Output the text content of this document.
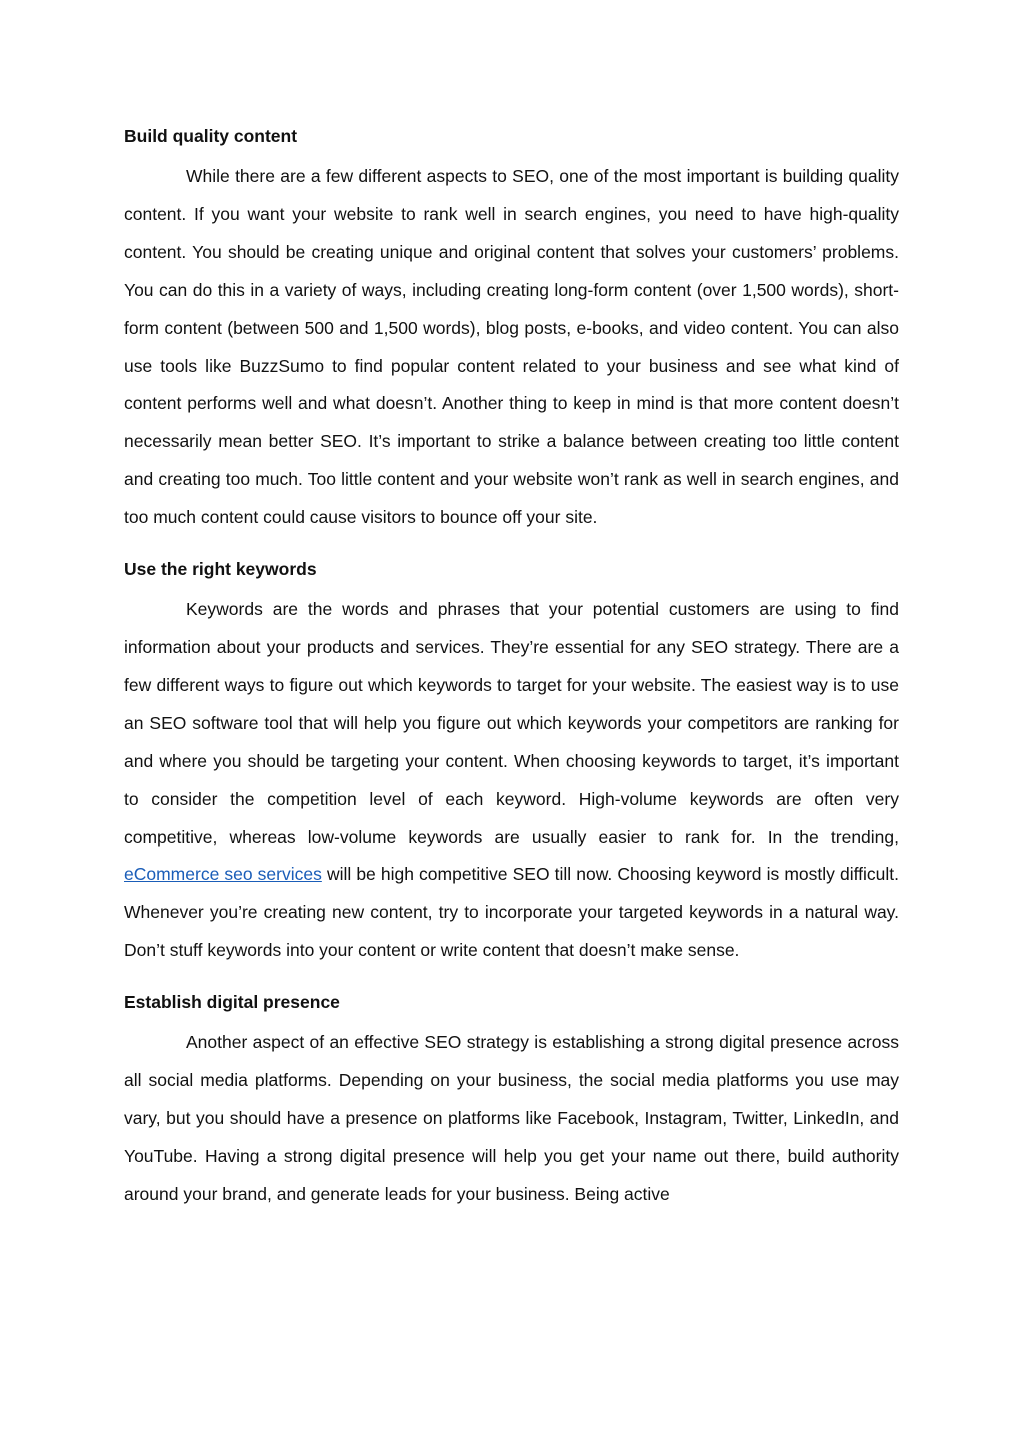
Build quality content

While there are a few different aspects to SEO, one of the most important is building quality content. If you want your website to rank well in search engines, you need to have high-quality content. You should be creating unique and original content that solves your customers’ problems. You can do this in a variety of ways, including creating long-form content (over 1,500 words), short-form content (between 500 and 1,500 words), blog posts, e-books, and video content. You can also use tools like BuzzSumo to find popular content related to your business and see what kind of content performs well and what doesn’t. Another thing to keep in mind is that more content doesn’t necessarily mean better SEO. It’s important to strike a balance between creating too little content and creating too much. Too little content and your website won’t rank as well in search engines, and too much content could cause visitors to bounce off your site.

Use the right keywords

Keywords are the words and phrases that your potential customers are using to find information about your products and services. They’re essential for any SEO strategy. There are a few different ways to figure out which keywords to target for your website. The easiest way is to use an SEO software tool that will help you figure out which keywords your competitors are ranking for and where you should be targeting your content. When choosing keywords to target, it’s important to consider the competition level of each keyword. High-volume keywords are often very competitive, whereas low-volume keywords are usually easier to rank for. In the trending, eCommerce seo services will be high competitive SEO till now. Choosing keyword is mostly difficult. Whenever you’re creating new content, try to incorporate your targeted keywords in a natural way. Don’t stuff keywords into your content or write content that doesn’t make sense.

Establish digital presence

Another aspect of an effective SEO strategy is establishing a strong digital presence across all social media platforms. Depending on your business, the social media platforms you use may vary, but you should have a presence on platforms like Facebook, Instagram, Twitter, LinkedIn, and YouTube. Having a strong digital presence will help you get your name out there, build authority around your brand, and generate leads for your business. Being active
